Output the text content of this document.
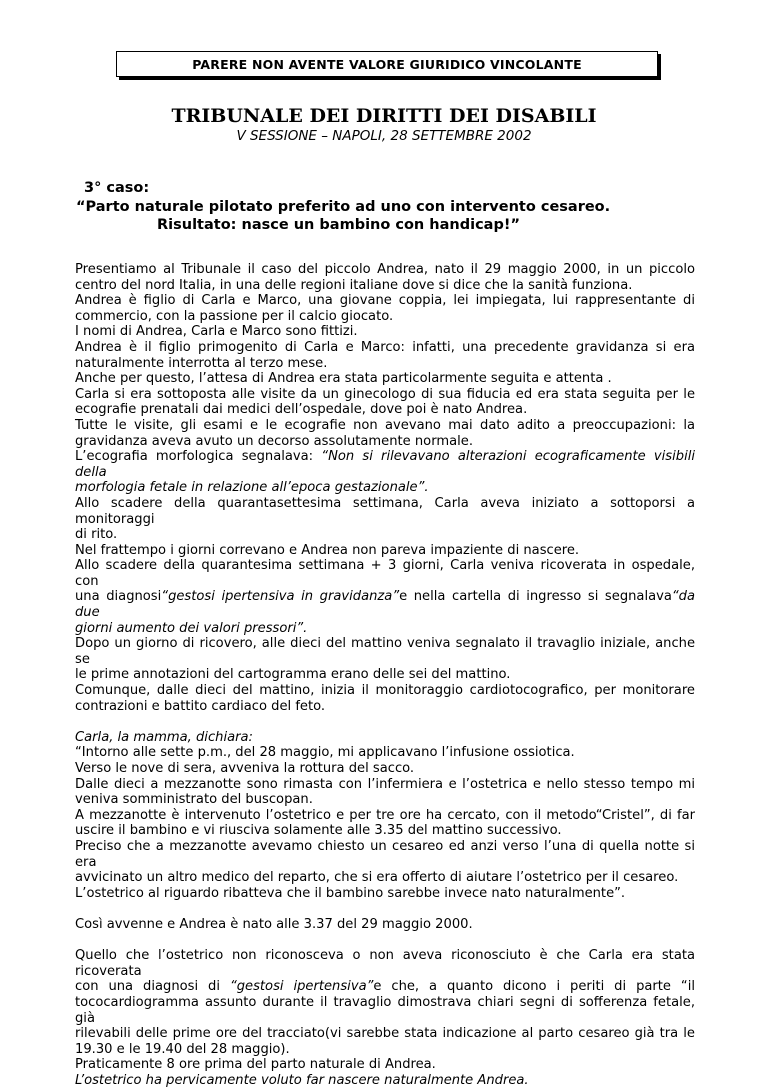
PARERE NON AVENTE VALORE GIURIDICO VINCOLANTE
TRIBUNALE DEI DIRITTI DEI DISABILI
V SESSIONE – NAPOLI, 28 SETTEMBRE 2002
3° caso:
“Parto naturale pilotato preferito ad uno con intervento cesareo.
Risultato: nasce un bambino con handicap!”
Presentiamo al Tribunale il caso del piccolo Andrea, nato il 29 maggio 2000, in un piccolo
centro del nord Italia, in una delle regioni italiane dove si dice che la sanità funziona.
Andrea è figlio di Carla e Marco, una giovane coppia, lei impiegata, lui rappresentante di
commercio, con la passione per il calcio giocato.
I nomi di Andrea, Carla e Marco sono fittizi.
Andrea è il figlio primogenito di Carla e Marco: infatti, una precedente gravidanza si era
naturalmente interrotta al terzo mese.
Anche per questo, l’attesa di Andrea era stata particolarmente seguita e attenta .
Carla si era sottoposta alle visite da un ginecologo di sua fiducia ed era stata seguita per le
ecografie prenatali dai medici dell’ospedale, dove poi è nato Andrea.
Tutte le visite, gli esami e le ecografie non avevano mai dato adito a preoccupazioni: la
gravidanza aveva avuto un decorso assolutamente normale.
L’ecografia morfologica segnalava: “Non si rilevavano alterazioni ecograficamente visibili della
morfologia fetale in relazione all’epoca gestazionale”.
Allo scadere della quarantasettesima settimana, Carla aveva iniziato a sottoporsi a monitoraggi
di rito.
Nel frattempo i giorni correvano e Andrea non pareva impaziente di nascere.
Allo scadere della quarantesima settimana + 3 giorni, Carla veniva ricoverata in ospedale, con
una diagnosi“gestosi ipertensiva in gravidanza”e nella cartella di ingresso si segnalava“da due
giorni aumento dei valori pressori”.
Dopo un giorno di ricovero, alle dieci del mattino veniva segnalato il travaglio iniziale, anche se
le prime annotazioni del cartogramma erano delle sei del mattino.
Comunque, dalle dieci del mattino, inizia il monitoraggio cardiotocografico, per monitorare
contrazioni e battito cardiaco del feto.
Carla, la mamma, dichiara:
“Intorno alle sette p.m., del 28 maggio, mi applicavano l’infusione ossiotica.
Verso le nove di sera, avveniva la rottura del sacco.
Dalle dieci a mezzanotte sono rimasta con l’infermiera e l’ostetrica e nello stesso tempo mi
veniva somministrato del buscopan.
A mezzanotte è intervenuto l’ostetrico e per tre ore ha cercato, con il metodo“Cristel”, di far
uscire il bambino e vi riusciva solamente alle 3.35 del mattino successivo.
Preciso che a mezzanotte avevamo chiesto un cesareo ed anzi verso l’una di quella notte si era
avvicinato un altro medico del reparto, che si era offerto di aiutare l’ostetrico per il cesareo.
L’ostetrico al riguardo ribatteva che il bambino sarebbe invece nato naturalmente”.
Così avvenne e Andrea è nato alle 3.37 del 29 maggio 2000.
Quello che l’ostetrico non riconosceva o non aveva riconosciuto è che Carla era stata ricoverata
con una diagnosi di “gestosi ipertensiva”e che, a quanto dicono i periti di parte “il
tococardiogramma assunto durante il travaglio dimostrava chiari segni di sofferenza fetale, già
rilevabili delle prime ore del tracciato(vi sarebbe stata indicazione al parto cesareo già tra le
19.30 e le 19.40 del 28 maggio).
Praticamente 8 ore prima del parto naturale di Andrea.
L’ostetrico ha pervicamente voluto far nascere naturalmente Andrea.
